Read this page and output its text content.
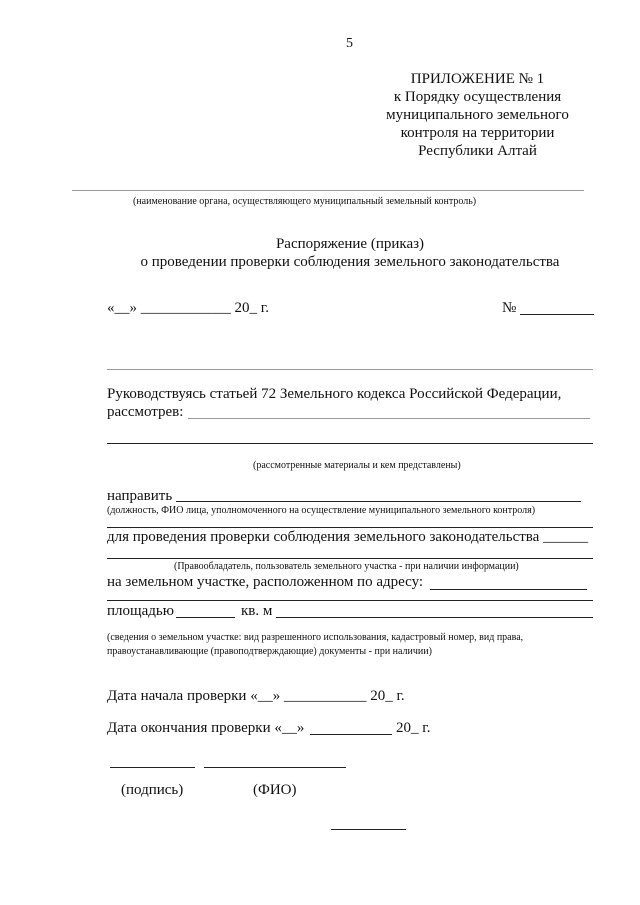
5
ПРИЛОЖЕНИЕ № 1
к Порядку осуществления
муниципального земельного
контроля на территории
Республики Алтай
(наименование органа, осуществляющего муниципальный земельный контроль)
Распоряжение (приказ)
о проведении проверки соблюдения земельного законодательства
«__» ____________ 20_ г.	№
Руководствуясь статьей 72 Земельного кодекса Российской Федерации,
рассмотрев:
(рассмотренные материалы и кем представлены)
направить
(должность, ФИО лица, уполномоченного на осуществление муниципального земельного контроля)
для проведения проверки соблюдения земельного законодательства ______
(Правообладатель, пользователь земельного участка - при наличии информации)
на земельном участке, расположенном по адресу:
площадью	кв. м
(сведения о земельном участке: вид разрешенного использования, кадастровый номер, вид права,
правоустанавливающие (правоподтверждающие) документы - при наличии)
Дата начала проверки «__» ___________ 20_ г.
Дата окончания проверки «__»	20_ г.
(подпись)	(ФИО)
